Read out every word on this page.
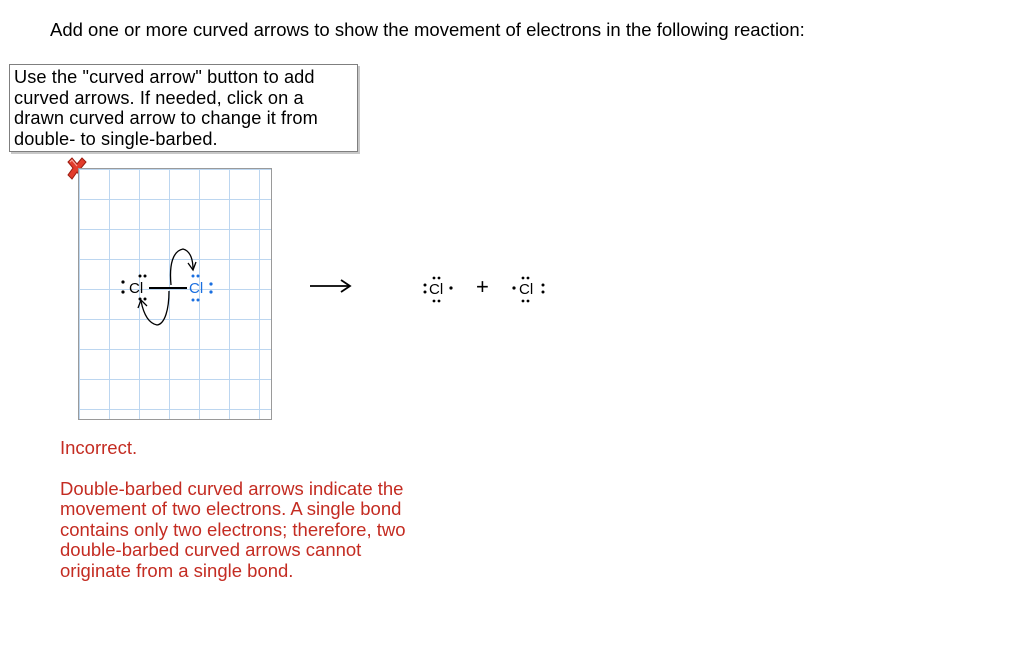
Add one or more curved arrows to show the movement of electrons in the following reaction:

Use the "curved arrow" button to add

curved arrows. If needed, click on a

drawn curved arrow to change it from

double- to single-barbed.

Cl	Cl	Cl + Cl
Incorrect.
Double-barbed curved arrows indicate the
movement of two electrons. A single bond
contains only two electrons; therefore, two
double-barbed curved arrows cannot
originate from a single bond.
